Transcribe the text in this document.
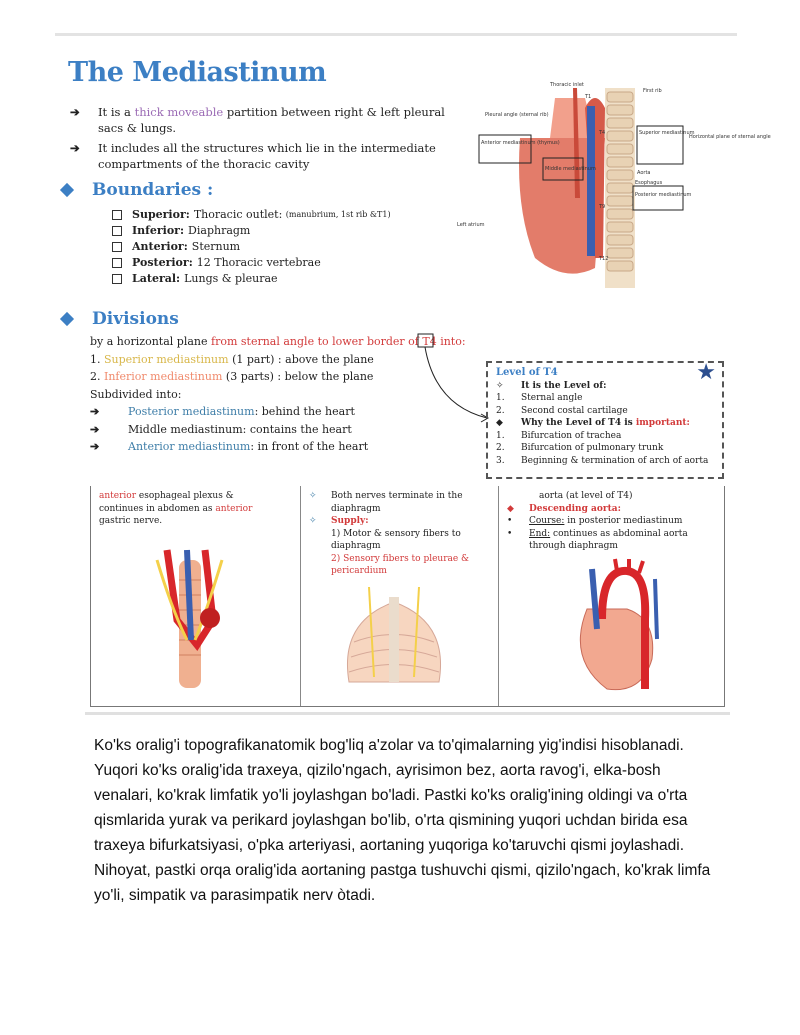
The Mediastinum
➔	It is a thick moveable partition between right & left pleural sacs & lungs.
➔	It includes all the structures which lie in the intermediate compartments of the thoracic cavity
Thoracic inlet
First rib
T1
T4
T9
T12
Pleural angle (sternal rib)
Anterior mediastinum (thymus)
Middle mediastinum
Superior mediastinum
Horizontal plane of sternal angle
Aorta
Esophagus
Posterior mediastinum
Left atrium
Boundaries :
Superior: Thoracic outlet:
(manubrium, 1st rib &T1)
Inferior: Diaphragm
Anterior: Sternum
Posterior: 12 Thoracic vertebrae
Lateral: Lungs & pleurae
Divisions
by a horizontal plane from sternal angle to lower border of T4 into:
1. Superior mediastinum (1 part) : above the plane
2. Inferior mediastinum (3 parts) : below the plane
Subdivided into:
➔	Posterior mediastinum : behind the heart
➔	Middle mediastinum : contains the heart
➔	Anterior mediastinum : in front of the heart
★
Level of T4
✧	It is the Level of:
1.	Sternal angle
2.	Second costal cartilage
◆	Why the Level of T4 is important:
1.	Bifurcation of trachea
2.	Bifurcation of pulmonary trunk
3.	Beginning & termination of arch of aorta
anterior esophageal plexus &
continues in abdomen as anterior
gastric nerve.
✧	Both nerves terminate in the
diaphragm
✧	Supply:
1) Motor & sensory fibers to
diaphragm
2) Sensory fibers to pleurae &
pericardium
aorta (at level of T4)
◆	Descending aorta:
•	Course: in posterior mediastinum
•	End: continues as abdominal aorta
through diaphragm
Ko'ks oralig'i topografikanatomik bog'liq a'zolar va to'qimalarning yig'indisi hisoblanadi. Yuqori ko'ks oralig'ida traxeya, qizilo'ngach, ayrisimon bez, aorta ravog'i, elka-bosh venalari, ko'krak limfatik yo'li joylashgan bo'ladi. Pastki ko'ks oralig'ining oldingi va o'rta qismlarida yurak va perikard joylashgan bo'lib, o'rta qismining yuqori uchdan birida esa traxeya bifurkatsiyasi, o'pka arteriyasi, aortaning yuqoriga ko'taruvchi qismi joylashadi. Nihoyat, pastki orqa oralig'ida aortaning pastga tushuvchi qismi, qizilo'ngach, ko'krak limfa yo'li, simpatik va parasimpatik nerv òtadi.
